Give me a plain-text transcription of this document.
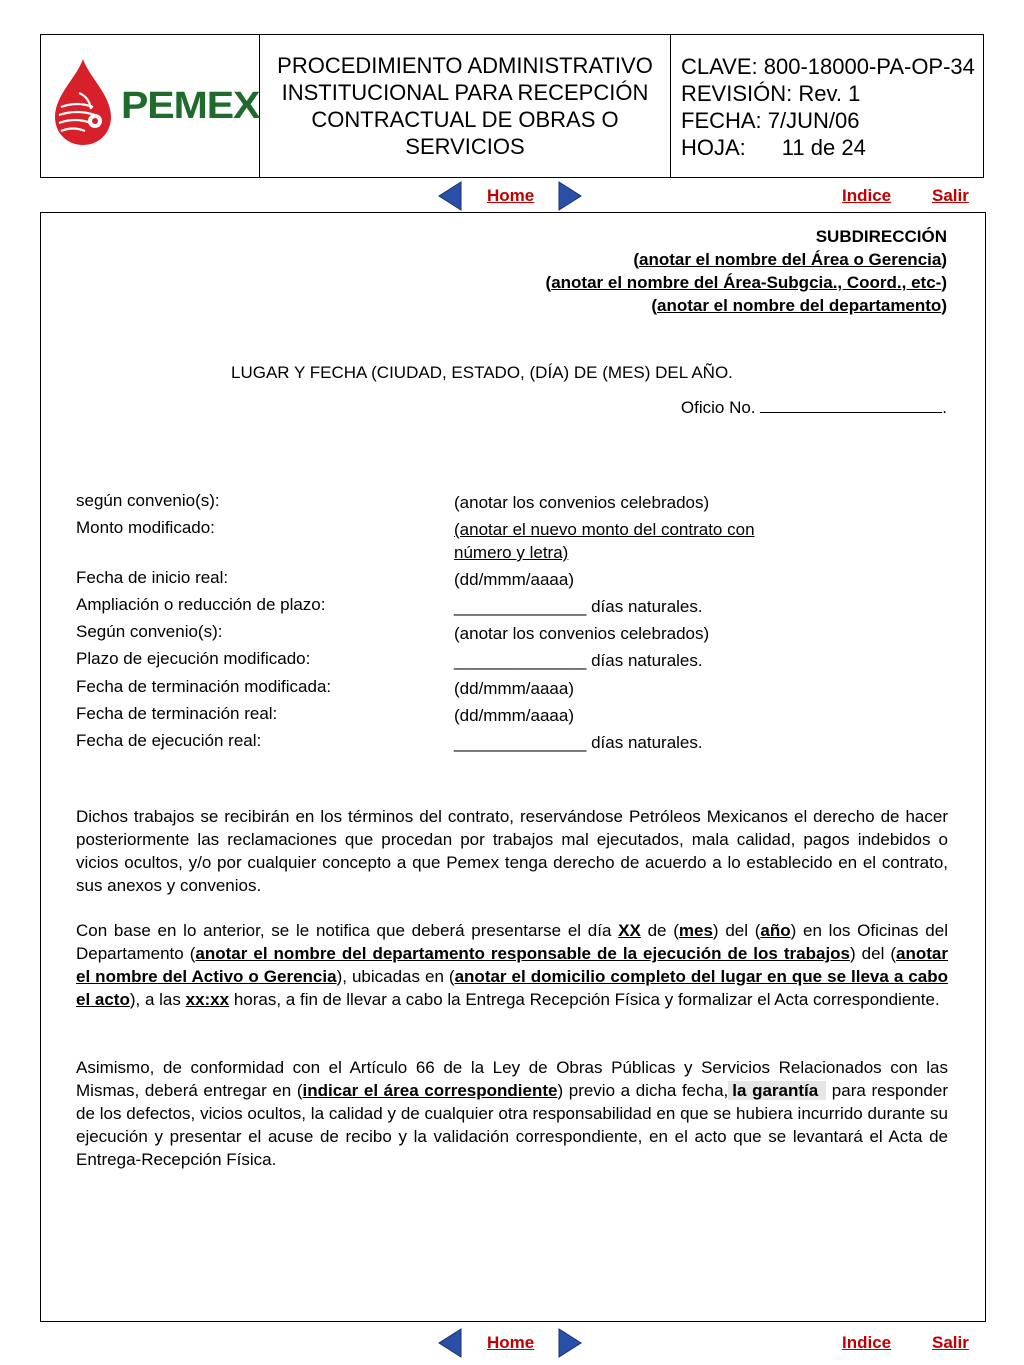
PEMEX
PROCEDIMIENTO ADMINISTRATIVO
INSTITUCIONAL PARA RECEPCIÓN
CONTRACTUAL DE OBRAS O
SERVICIOS
CLAVE: 800-18000-PA-OP-34
REVISIÓN: Rev. 1
FECHA: 7/JUN/06
HOJA: 11 de 24
Home	Indice Salir
SUBDIRECCIÓN
(anotar el nombre del Área o Gerencia)
(anotar el nombre del Área-Subgcia., Coord., etc-)
(anotar el nombre del departamento)
LUGAR Y FECHA (CIUDAD, ESTADO, (DÍA) DE (MES) DEL AÑO.
Oficio No.	.
según convenio(s):	(anotar los convenios celebrados)
Monto modificado:	(anotar el nuevo monto del contrato con
número y letra)
Fecha de inicio real:	(dd/mmm/aaaa)
Ampliación o reducción de plazo:	______________ días naturales.
Según convenio(s):	(anotar los convenios celebrados)
Plazo de ejecución modificado:	______________ días naturales.
Fecha de terminación modificada:	(dd/mmm/aaaa)
Fecha de terminación real:	(dd/mmm/aaaa)
Fecha de ejecución real:	______________ días naturales.
Dichos trabajos se recibirán en los términos del contrato, reservándose Petróleos Mexicanos el derecho de hacer posteriormente las reclamaciones que procedan por trabajos mal ejecutados, mala calidad, pagos indebidos o vicios ocultos, y/o por cualquier concepto a que Pemex tenga derecho de acuerdo a lo establecido en el contrato, sus anexos y convenios.
Con base en lo anterior, se le notifica que deberá presentarse el día XX de (mes) del (año) en los Oficinas del Departamento (anotar el nombre del departamento responsable de la ejecución de los trabajos) del (anotar el nombre del Activo o Gerencia), ubicadas en (anotar el domicilio completo del lugar en que se lleva a cabo el acto), a las xx:xx horas, a fin de llevar a cabo la Entrega Recepción Física y formalizar el Acta correspondiente.
Asimismo, de conformidad con el Artículo 66 de la Ley de Obras Públicas y Servicios Relacionados con las Mismas, deberá entregar en (indicar el área correspondiente) previo a dicha fecha, la garantía para responder de los defectos, vicios ocultos, la calidad y de cualquier otra responsabilidad en que se hubiera incurrido durante su ejecución y presentar el acuse de recibo y la validación correspondiente, en el acto que se levantará el Acta de Entrega-Recepción Física.
Home	Indice Salir
